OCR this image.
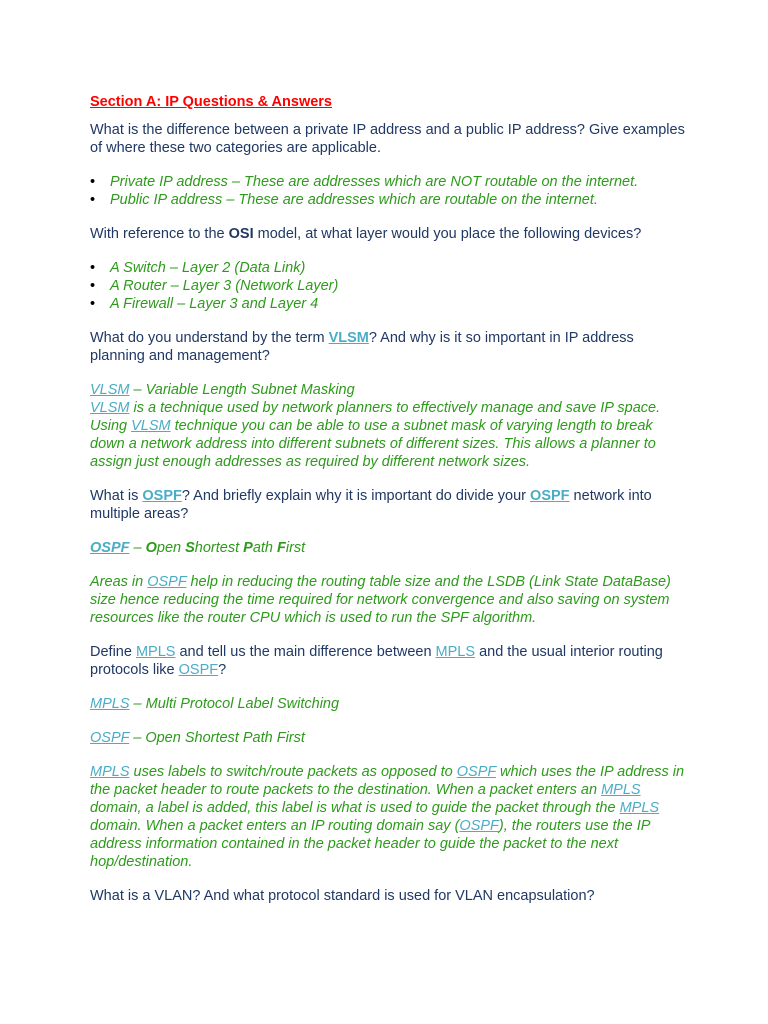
Section A: IP Questions & Answers
What is the difference between a private IP address and a public IP address? Give examples of where these two categories are applicable.
• Private IP address – These are addresses which are NOT routable on the internet.
• Public IP address – These are addresses which are routable on the internet.
With reference to the OSI model, at what layer would you place the following devices?
• A Switch – Layer 2 (Data Link)
• A Router – Layer 3 (Network Layer)
• A Firewall – Layer 3 and Layer 4
What do you understand by the term VLSM? And why is it so important in IP address planning and management?
VLSM – Variable Length Subnet Masking
VLSM is a technique used by network planners to effectively manage and save IP space. Using VLSM technique you can be able to use a subnet mask of varying length to break down a network address into different subnets of different sizes. This allows a planner to assign just enough addresses as required by different network sizes.
What is OSPF? And briefly explain why it is important do divide your OSPF network into multiple areas?
OSPF – Open Shortest Path First
Areas in OSPF help in reducing the routing table size and the LSDB (Link State DataBase) size hence reducing the time required for network convergence and also saving on system resources like the router CPU which is used to run the SPF algorithm.
Define MPLS and tell us the main difference between MPLS and the usual interior routing protocols like OSPF?
MPLS – Multi Protocol Label Switching
OSPF – Open Shortest Path First
MPLS uses labels to switch/route packets as opposed to OSPF which uses the IP address in the packet header to route packets to the destination. When a packet enters an MPLS domain, a label is added, this label is what is used to guide the packet through the MPLS domain. When a packet enters an IP routing domain say (OSPF), the routers use the IP address information contained in the packet header to guide the packet to the next hop/destination.
What is a VLAN? And what protocol standard is used for VLAN encapsulation?
